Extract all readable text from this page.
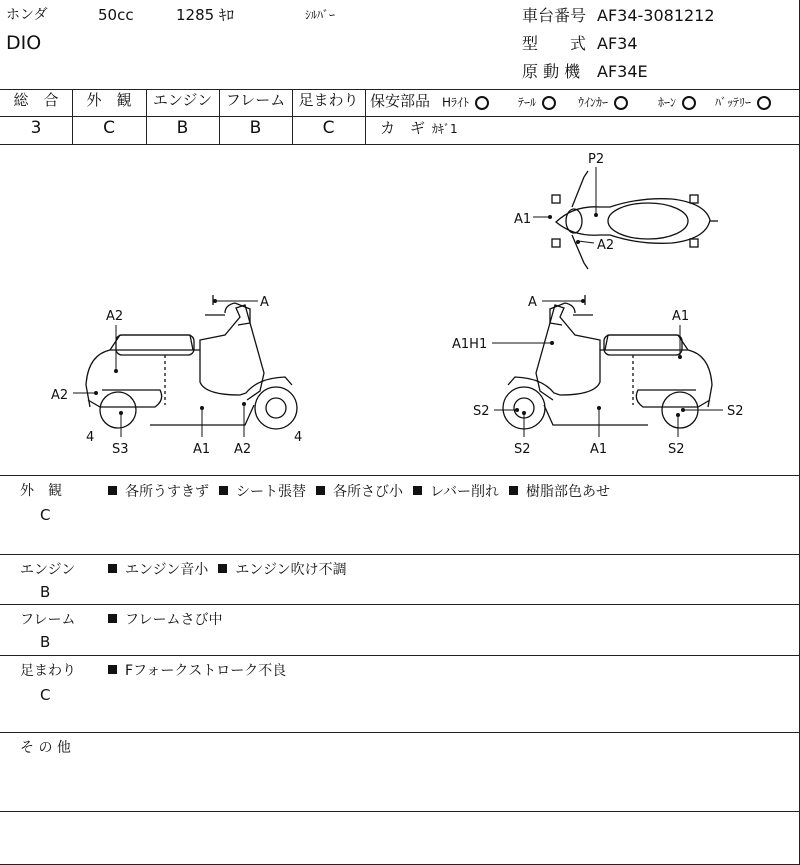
ホンダ	50cc	1285 ｷﾛ	ｼﾙﾊﾞｰ
DIO
車台番号 AF34-3081212
型　　式 AF34
原 動 機 AF34E
総　合	外　観	エンジン フレーム 足まわり
3	C	B	B	C
保安部品 Hﾗｲﾄ	ﾃｰﾙ	ｳｲﾝｶｰ	ﾎｰﾝ	ﾊﾞｯﾃﾘｰ
カ　ギ ｶｷﾞ1
P2
A1
A2
A
A2
A2
4
S3	A1 A2
4
A
A1
A1H1
S2	S2
S2	A1	S2
外　観
C
各所うすきず シート張替 各所さび小 レバー削れ 樹脂部色あせ
エンジン
B
エンジン音小 エンジン吹け不調
フレーム
B
フレームさび中
足まわり
C
Fフォークストローク不良
そ の 他
